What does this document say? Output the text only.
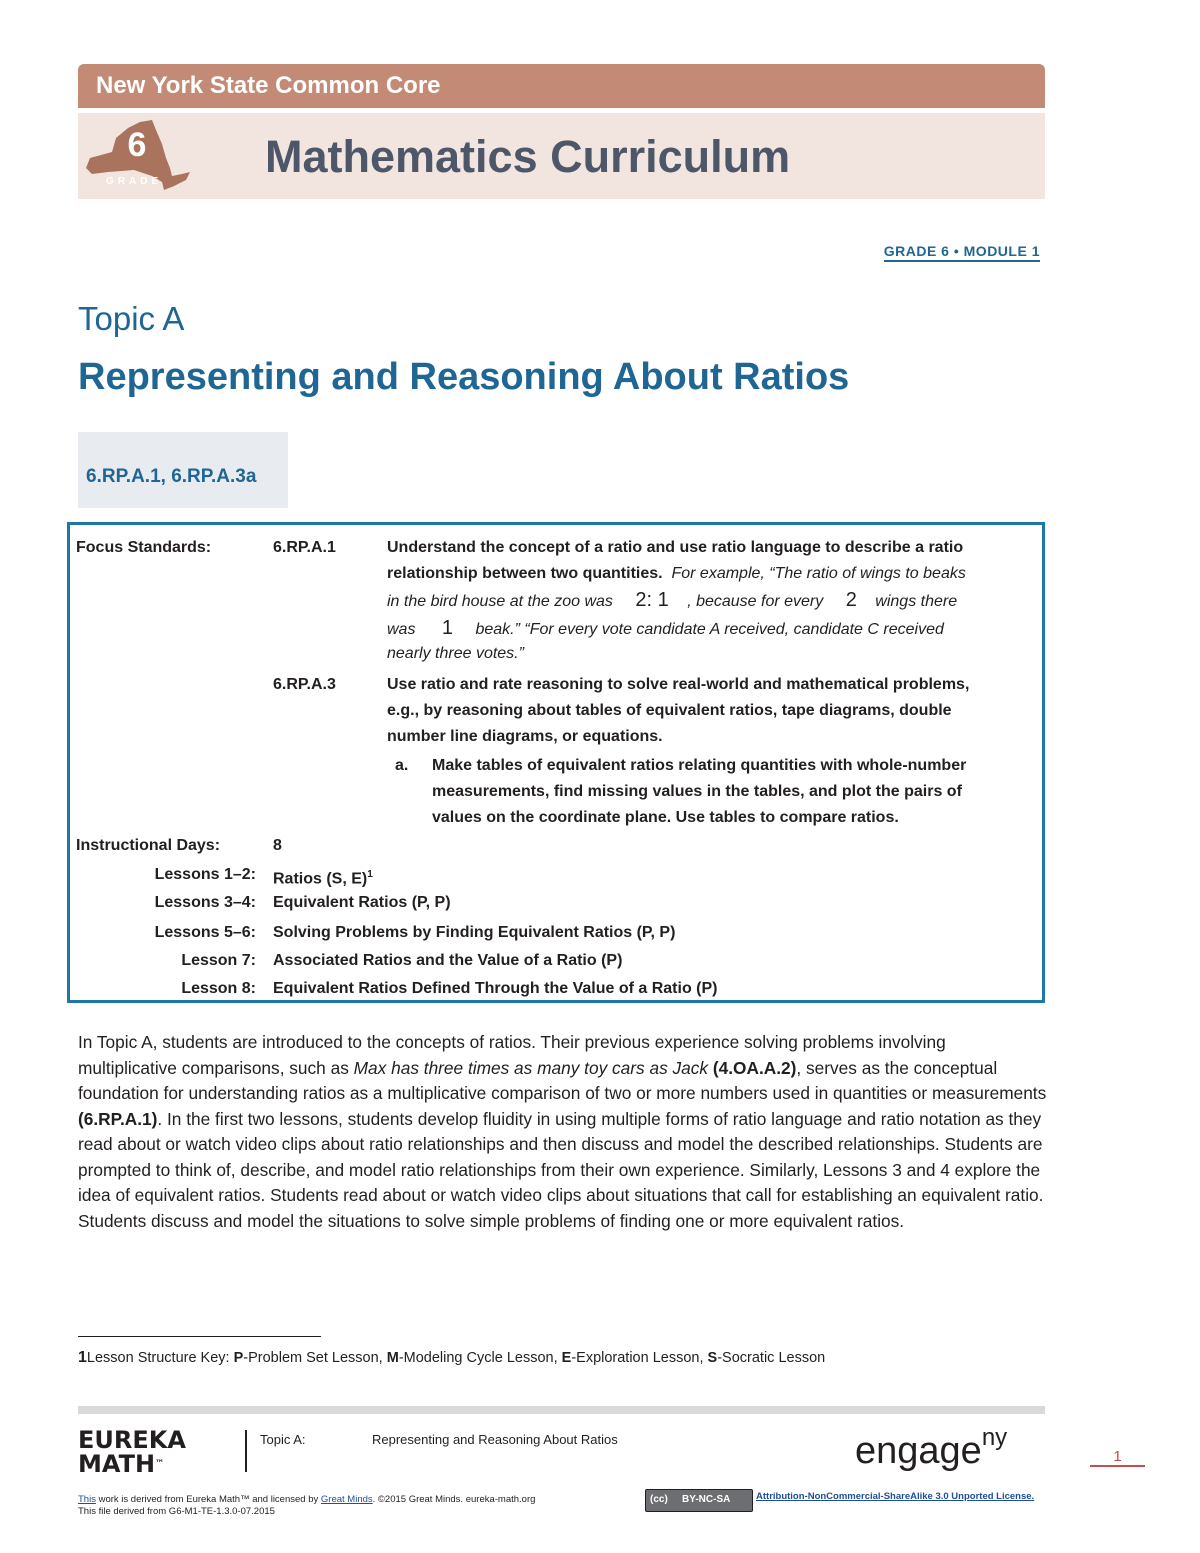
New York State Common Core
6
GRADE Mathematics Curriculum
GRADE 6 • MODULE 1
Topic A
Representing and Reasoning About Ratios
6.RP.A.1, 6.RP.A.3a
Focus Standards:	6.RP.A.1	Understand the concept of a ratio and use ratio language to describe a ratio
relationship between two quantities. For example, “The ratio of wings to beaks
in the bird house at the zoo was 2: 1 , because for every 2 wings there
was 1 beak.” “For every vote candidate A received, candidate C received
nearly three votes.”
6.RP.A.3	Use ratio and rate reasoning to solve real-world and mathematical problems,
e.g., by reasoning about tables of equivalent ratios, tape diagrams, double
number line diagrams, or equations.
a. Make tables of equivalent ratios relating quantities with whole-number
measurements, find missing values in the tables, and plot the pairs of
values on the coordinate plane. Use tables to compare ratios.
Instructional Days:	8
Lessons 1–2: Ratios (S, E)$^1$
Lessons 3–4: Equivalent Ratios (P, P)
Lessons 5–6: Solving Problems by Finding Equivalent Ratios (P, P)
Lesson 7: Associated Ratios and the Value of a Ratio (P)
Lesson 8: Equivalent Ratios Defined Through the Value of a Ratio (P)
In Topic A, students are introduced to the concepts of ratios. Their previous experience solving problems involving multiplicative comparisons, such as Max has three times as many toy cars as Jack (4.OA.A.2), serves as the conceptual foundation for understanding ratios as a multiplicative comparison of two or more numbers used in quantities or measurements (6.RP.A.1). In the first two lessons, students develop fluidity in using multiple forms of ratio language and ratio notation as they read about or watch video clips about ratio relationships and then discuss and model the described relationships. Students are prompted to think of, describe, and model ratio relationships from their own experience. Similarly, Lessons 3 and 4 explore the idea of equivalent ratios. Students read about or watch video clips about situations that call for establishing an equivalent ratio. Students discuss and model the situations to solve simple problems of finding one or more equivalent ratios.
1Lesson Structure Key: P-Problem Set Lesson, M-Modeling Cycle Lesson, E-Exploration Lesson, S-Socratic Lesson
EUREKA
MATH™
Topic A:	Representing and Reasoning About Ratios	engage$^{ny}$
1
This work is derived from Eureka Math™ and licensed by Great Minds. ©2015 Great Minds. eureka-math.org
This file derived from G6-M1-TE-1.3.0-07.2015
(cc) BY-NC-SA	Attribution-NonCommercial-ShareAlike 3.0 Unported License.
